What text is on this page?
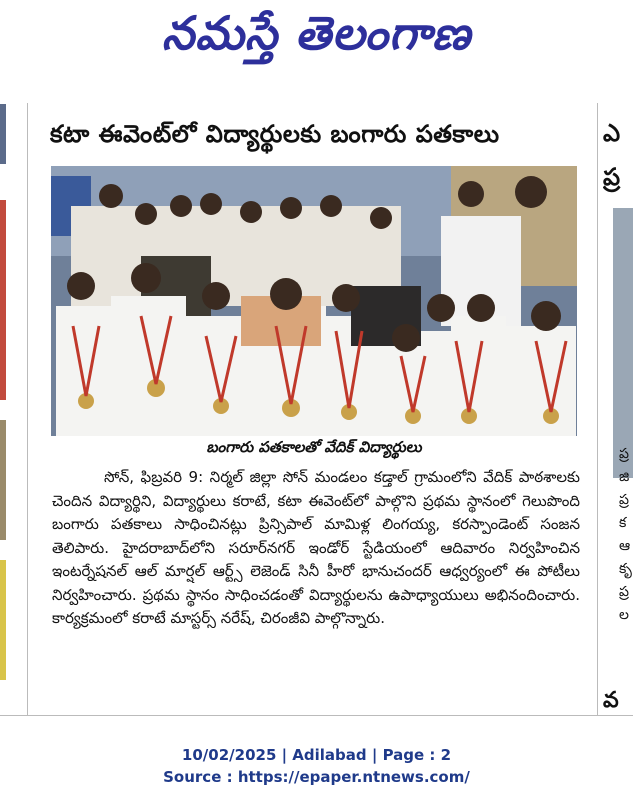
నమస్తే తెలంగాణ
కటా ఈవెంట్‌లో విద్యార్థులకు బంగారు పతకాలు
బంగారు పతకాలతో వేదిక్‌ విద్యార్థులు

సోన్‌, ఫిబ్రవరి 9: నిర్మల్‌ జిల్లా సోన్‌ మండలం కడ్తాల్‌ గ్రామంలోని వేదిక్‌ పాఠశాలకు చెందిన విద్యార్థిని, విద్యార్థులు కరాటే, కటా ఈవెంట్‌లో పాల్గొని ప్రథమ స్థానంలో గెలుపొంది బంగారు పతకాలు సాధించినట్లు ప్రిన్సిపాల్‌ మామిళ్ల లింగయ్య, కరస్పాండెంట్‌ సంజన తెలిపారు. హైదరాబాద్‌లోని సరూర్‌నగర్‌ ఇండోర్‌ స్టేడియంలో ఆదివారం నిర్వహించిన ఇంటర్నేషనల్‌ ఆల్‌ మార్షల్‌ ఆర్ట్స్‌ లెజెండ్‌ సినీ హీరో భానుచందర్‌ ఆధ్వర్యంలో ఈ పోటీలు నిర్వహించారు. ప్రథమ స్థానం సాధించడంతో విద్యార్థులను ఉపాధ్యాయులు అభినందించారు. కార్యక్రమంలో కరాటే మాస్టర్స్‌ నరేష్‌, చిరంజీవి పాల్గొన్నారు.

ఎ
ప్ర
ప్ర జి ప్ర క ఆ కృ ప్ర ల
వ
10/02/2025 | Adilabad | Page : 2
Source : https://epaper.ntnews.com/
